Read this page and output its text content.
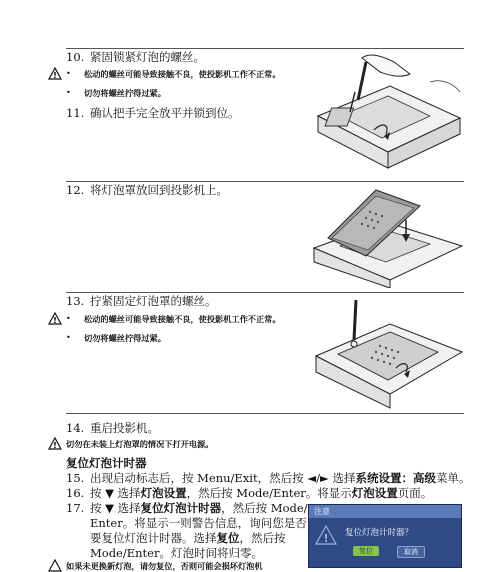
10. 紧固锁紧灯泡的螺丝。
! • 松动的螺丝可能导致接触不良，使投影机工作不正常。
• 切勿将螺丝拧得过紧。
11. 确认把手完全放平并锁到位。
12. 将灯泡罩放回到投影机上。
13. 拧紧固定灯泡罩的螺丝。
! • 松动的螺丝可能导致接触不良，使投影机工作不正常。
• 切勿将螺丝拧得过紧。
14. 重启投影机。
! 切勿在未装上灯泡罩的情况下打开电源。
复位灯泡计时器
15. 出现启动标志后，按 Menu/Exit，然后按 ◄/► 选择系统设置：高级菜单。
16. 按 ▼ 选择灯泡设置，然后按 Mode/Enter。将显示灯泡设置页面。
17. 按 ▼ 选择复位灯泡计时器，然后按 Mode/
Enter。将显示一则警告信息，询问您是否
要复位灯泡计时器。选择复位，然后按
Mode/Enter。灯泡时间将归零。
如果未更换新灯泡，请勿复位，否则可能会损坏灯泡机
注意
! 复位灯泡计时器？
复位	取消
